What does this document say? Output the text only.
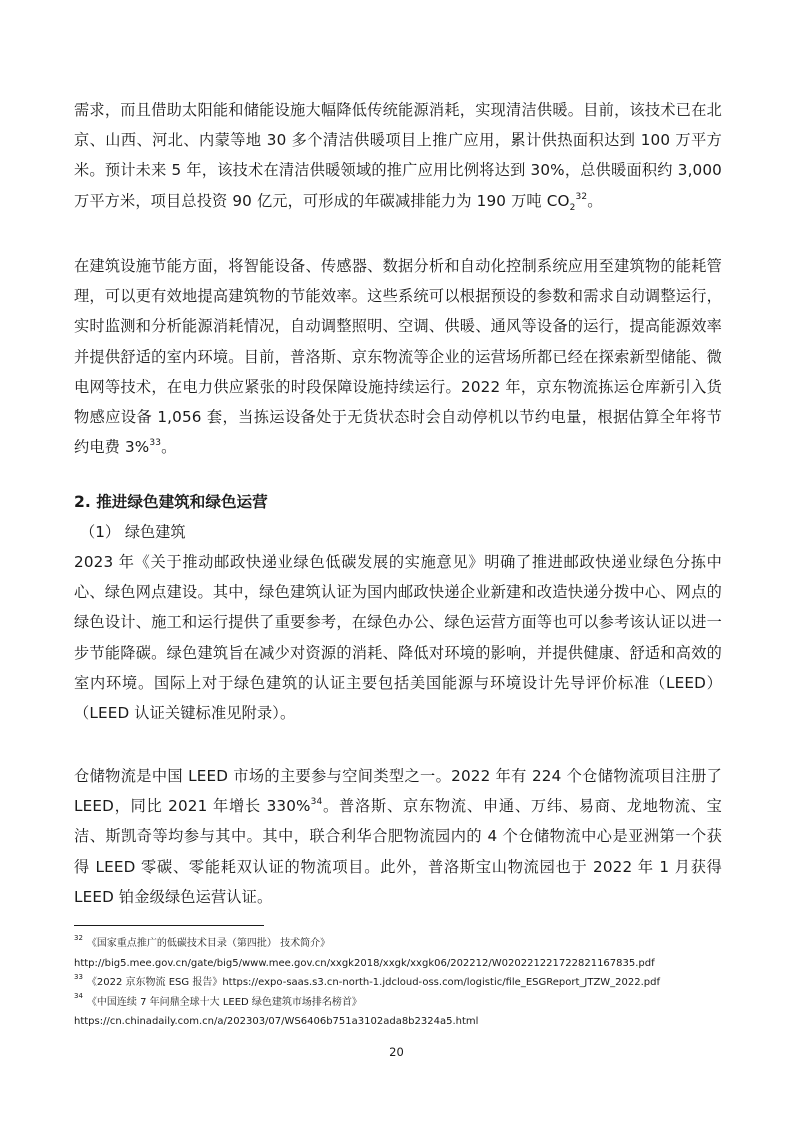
需求，而且借助太阳能和储能设施大幅降低传统能源消耗，实现清洁供暖。目前，该技术已在北京、山西、河北、内蒙等地 30 多个清洁供暖项目上推广应用，累计供热面积达到 100 万平方米。预计未来 5 年，该技术在清洁供暖领域的推广应用比例将达到 30%，总供暖面积约 3,000 万平方米，项目总投资 90 亿元，可形成的年碳减排能力为 190 万吨 $CO_2^{32}$。

在建筑设施节能方面，将智能设备、传感器、数据分析和自动化控制系统应用至建筑物的能耗管理，可以更有效地提高建筑物的节能效率。这些系统可以根据预设的参数和需求自动调整运行，实时监测和分析能源消耗情况，自动调整照明、空调、供暖、通风等设备的运行，提高能源效率并提供舒适的室内环境。目前，普洛斯、京东物流等企业的运营场所都已经在探索新型储能、微电网等技术，在电力供应紧张的时段保障设施持续运行。2022 年，京东物流拣运仓库新引入货物感应设备 1,056 套，当拣运设备处于无货状态时会自动停机以节约电量，根据估算全年将节约电费 3%$^{33}$。

2. 推进绿色建筑和绿色运营

（1） 绿色建筑

2023 年《关于推动邮政快递业绿色低碳发展的实施意见》明确了推进邮政快递业绿色分拣中心、绿色网点建设。其中，绿色建筑认证为国内邮政快递企业新建和改造快递分拨中心、网点的绿色设计、施工和运行提供了重要参考，在绿色办公、绿色运营方面等也可以参考该认证以进一步节能降碳。绿色建筑旨在减少对资源的消耗、降低对环境的影响，并提供健康、舒适和高效的室内环境。国际上对于绿色建筑的认证主要包括美国能源与环境设计先导评价标准（LEED）（LEED 认证关键标准见附录）。

仓储物流是中国 LEED 市场的主要参与空间类型之一。2022 年有 224 个仓储物流项目注册了 LEED，同比 2021 年增长 330%$^{34}$。普洛斯、京东物流、申通、万纬、易商、龙地物流、宝洁、斯凯奇等均参与其中。其中，联合利华合肥物流园内的 4 个仓储物流中心是亚洲第一个获得 LEED 零碳、零能耗双认证的物流项目。此外，普洛斯宝山物流园也于 2022 年 1 月获得 LEED 铂金级绿色运营认证。

$^{32}$《国家重点推广的低碳技术目录（第四批） 技术简介》

http://big5.mee.gov.cn/gate/big5/www.mee.gov.cn/xxgk2018/xxgk/xxgk06/202212/W020221221722821167835.pdf

$^{33}$《2022 京东物流 ESG 报告》https://expo-saas.s3.cn-north-1.jdcloud-oss.com/logistic/file_ESGReport_JTZW_2022.pdf

$^{34}$《中国连续 7 年问鼎全球十大 LEED 绿色建筑市场排名榜首》

https://cn.chinadaily.com.cn/a/202303/07/WS6406b751a3102ada8b2324a5.html

20
